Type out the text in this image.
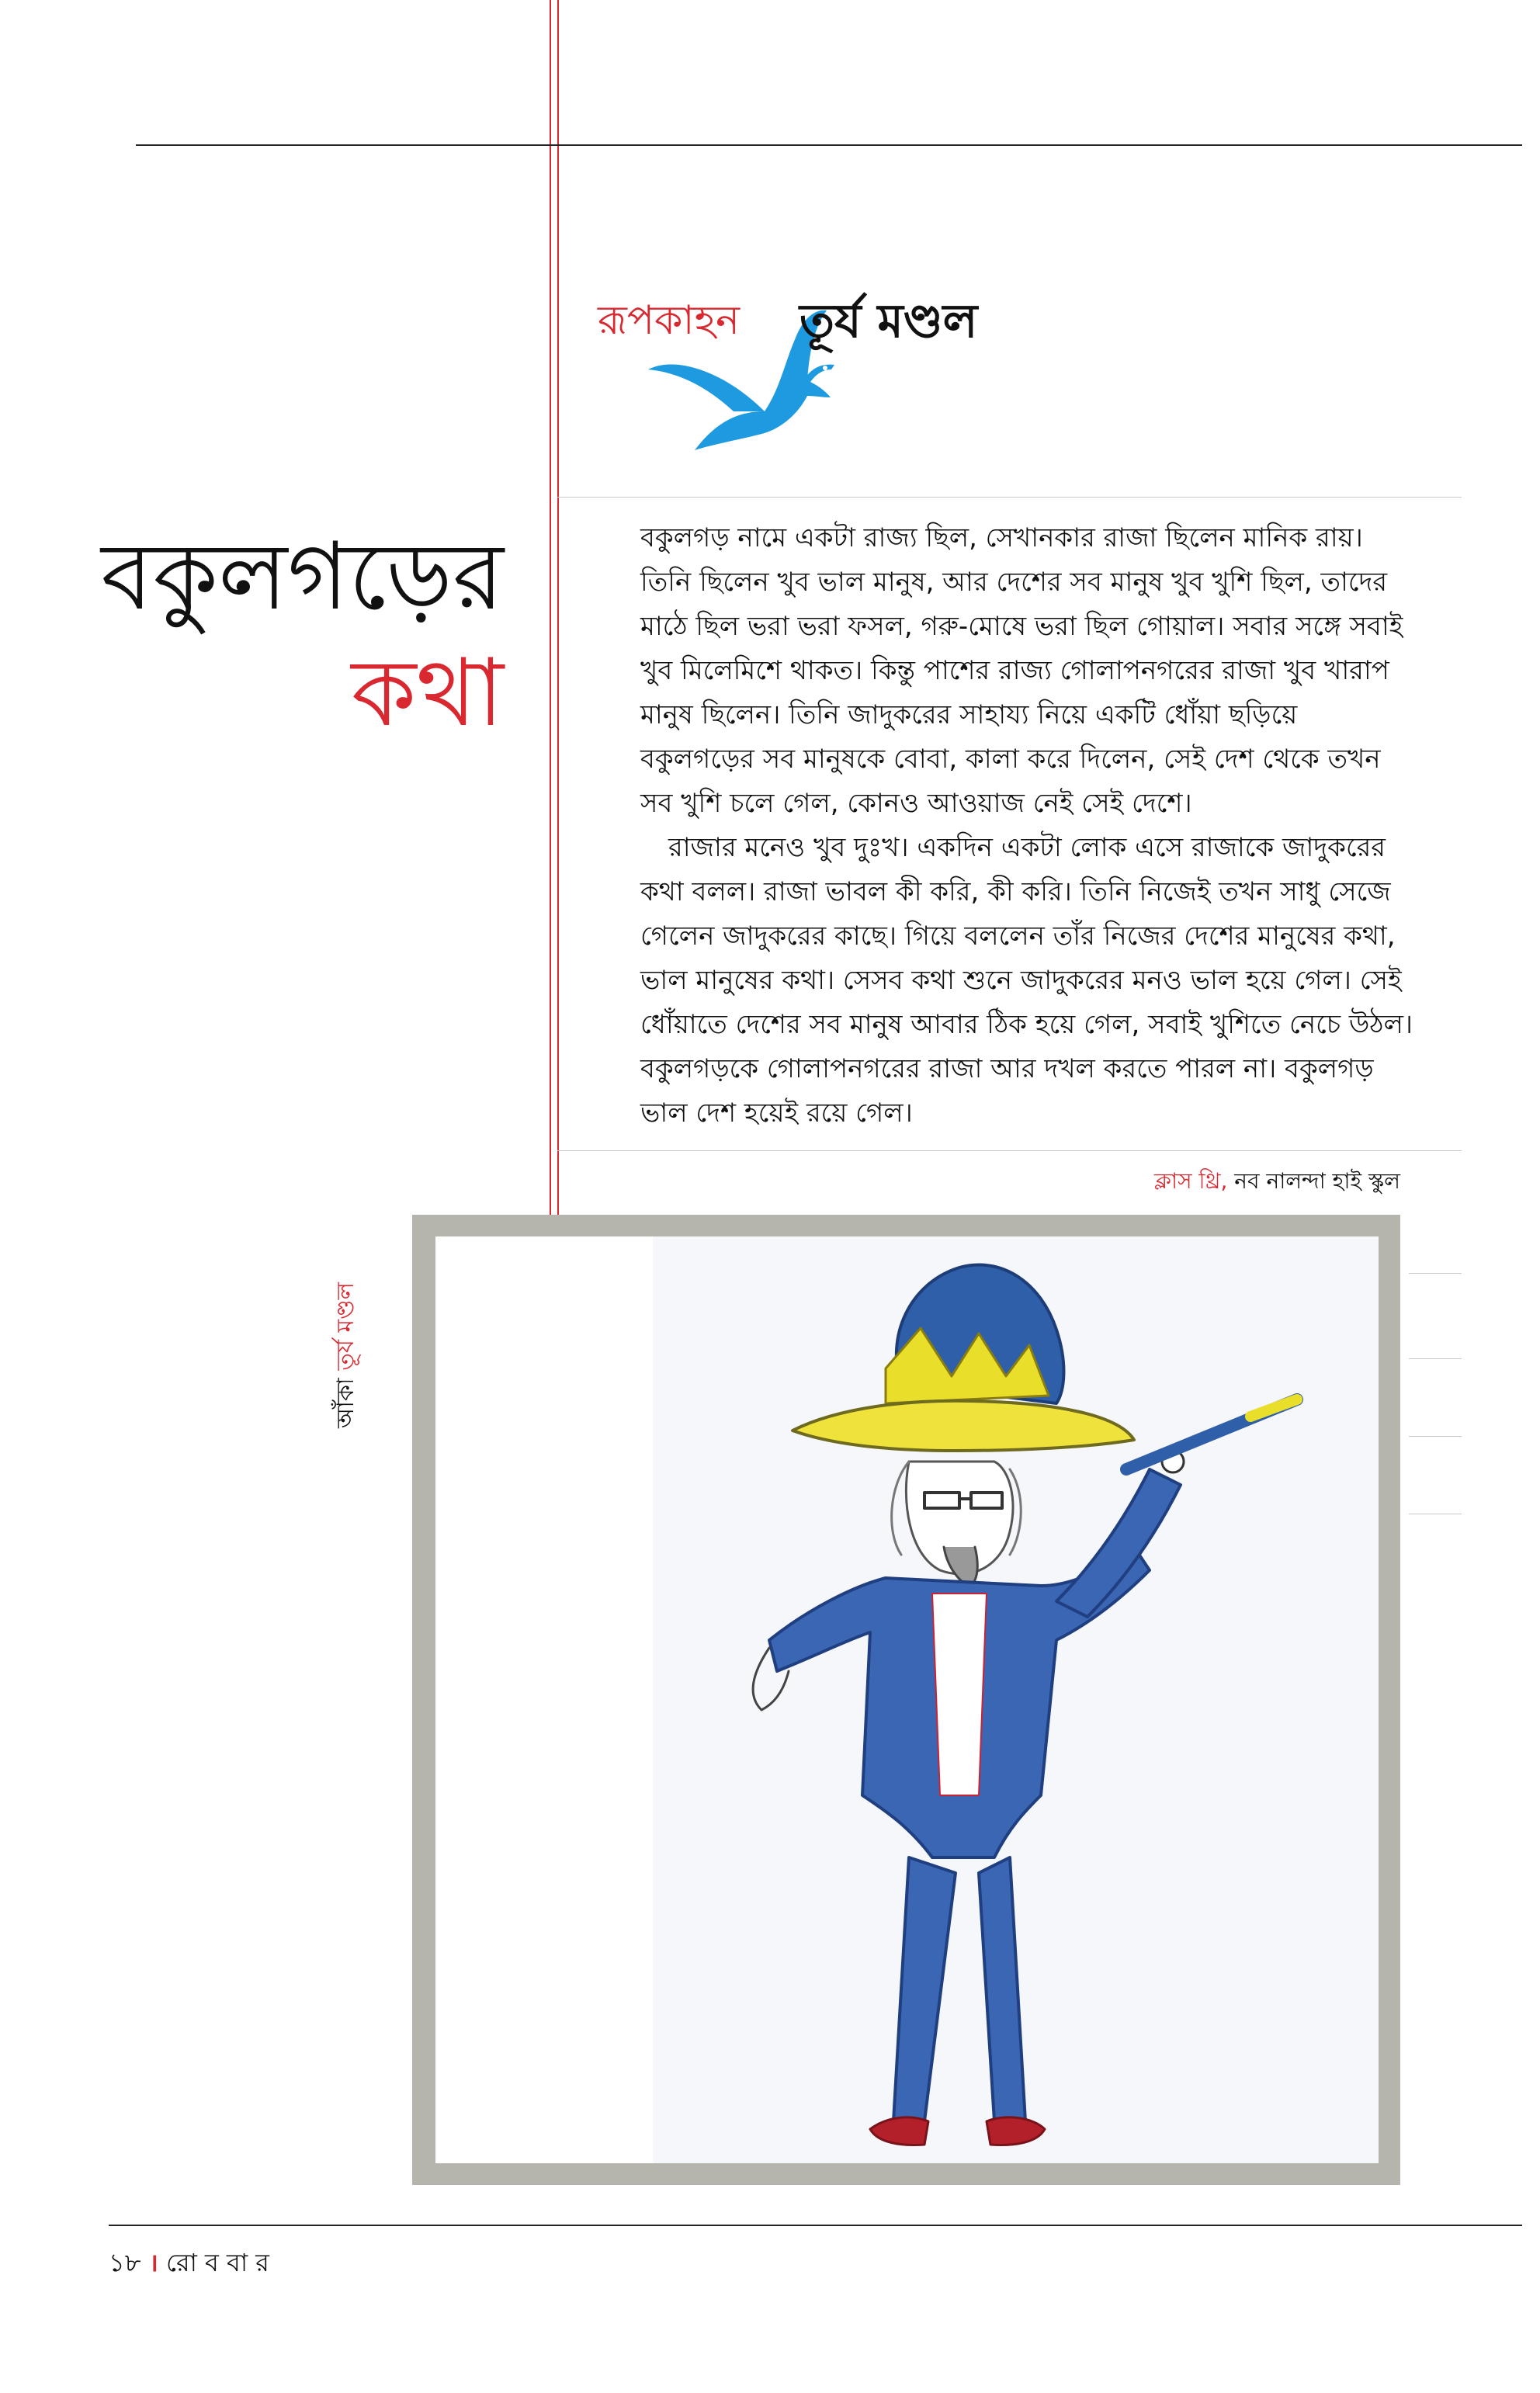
রূপকাহন তূর্য মণ্ডল
বকুলগড়ের
কথা

বকুলগড় নামে একটা রাজ্য ছিল, সেখানকার রাজা ছিলেন মানিক রায়। তিনি ছিলেন খুব ভাল মানুষ, আর দেশের সব মানুষ খুব খুশি ছিল, তাদের মাঠে ছিল ভরা ভরা ফসল, গরু-মোষে ভরা ছিল গোয়াল। সবার সঙ্গে সবাই খুব মিলেমিশে থাকত। কিন্তু পাশের রাজ্য গোলাপনগরের রাজা খুব খারাপ মানুষ ছিলেন। তিনি জাদুকরের সাহায্য নিয়ে একটি ধোঁয়া ছড়িয়ে বকুলগড়ের সব মানুষকে বোবা, কালা করে দিলেন, সেই দেশ থেকে তখন সব খুশি চলে গেল, কোনও আওয়াজ নেই সেই দেশে।

রাজার মনেও খুব দুঃখ। একদিন একটা লোক এসে রাজাকে জাদুকরের কথা বলল। রাজা ভাবল কী করি, কী করি। তিনি নিজেই তখন সাধু সেজে গেলেন জাদুকরের কাছে। গিয়ে বললেন তাঁর নিজের দেশের মানুষের কথা, ভাল মানুষের কথা। সেসব কথা শুনে জাদুকরের মনও ভাল হয়ে গেল। সেই ধোঁয়াতে দেশের সব মানুষ আবার ঠিক হয়ে গেল, সবাই খুশিতে নেচে উঠল। বকুলগড়কে গোলাপনগরের রাজা আর দখল করতে পারল না। বকুলগড় ভাল দেশ হয়েই রয়ে গেল।

ক্লাস থ্রি, নব নালন্দা হাই স্কুল
আঁকা তূর্য মণ্ডল
১৮ । রো ব বা র
